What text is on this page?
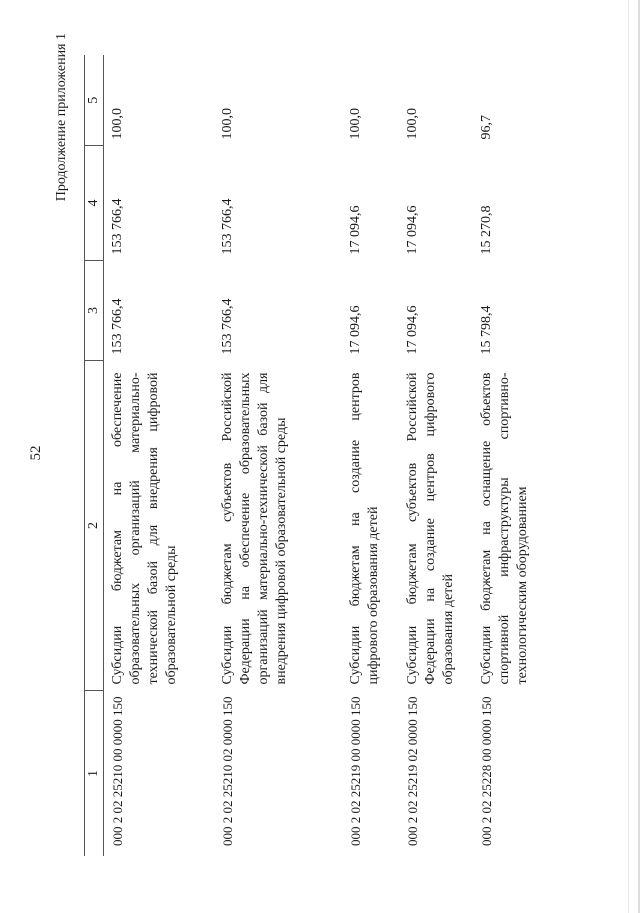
52
Продолжение приложения 1
1	2	3	4	5
000 2 02 25210 00 0000 150	Субсидии бюджетам на обеспечение образовательных организаций материально-технической базой для внедрения цифровой образовательной среды	153 766,4	153 766,4	100,0
000 2 02 25210 02 0000 150	Субсидии бюджетам субъектов Российской Федерации на обеспечение образовательных организаций материально-технической базой для внедрения цифровой образовательной среды	153 766,4	153 766,4	100,0
000 2 02 25219 00 0000 150	Субсидии бюджетам на создание центров цифрового образования детей	17 094,6	17 094,6	100,0
000 2 02 25219 02 0000 150	Субсидии бюджетам субъектов Российской Федерации на создание центров цифрового образования детей	17 094,6	17 094,6	100,0
000 2 02 25228 00 0000 150	Субсидии бюджетам на оснащение объектов спортивной инфраструктуры спортивно-технологическим оборудованием	15 798,4	15 270,8	96,7
